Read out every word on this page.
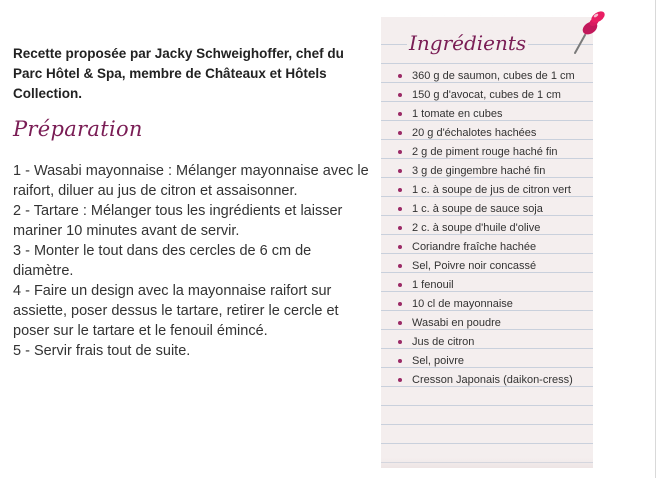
Recette proposée par Jacky Schweighoffer, chef du Parc Hôtel & Spa, membre de Châteaux et Hôtels Collection.
Préparation

1 - Wasabi mayonnaise : Mélanger mayonnaise avec le raifort, diluer au jus de citron et assaisonner.

2 - Tartare : Mélanger tous les ingrédients et laisser mariner 10 minutes avant de servir.

3 - Monter le tout dans des cercles de 6 cm de diamètre.

4 - Faire un design avec la mayonnaise raifort sur assiette, poser dessus le tartare, retirer le cercle et poser sur le tartare et le fenouil émincé.

5 - Servir frais tout de suite.

Ingrédients
360 g de saumon, cubes de 1 cm
150 g d'avocat, cubes de 1 cm
1 tomate en cubes
20 g d'échalotes hachées
2 g de piment rouge haché fin
3 g de gingembre haché fin
1 c. à soupe de jus de citron vert
1 c. à soupe de sauce soja
2 c. à soupe d'huile d'olive
Coriandre fraîche hachée
Sel, Poivre noir concassé
1 fenouil
10 cl de mayonnaise
Wasabi en poudre
Jus de citron
Sel, poivre
Cresson Japonais (daikon-cress)
